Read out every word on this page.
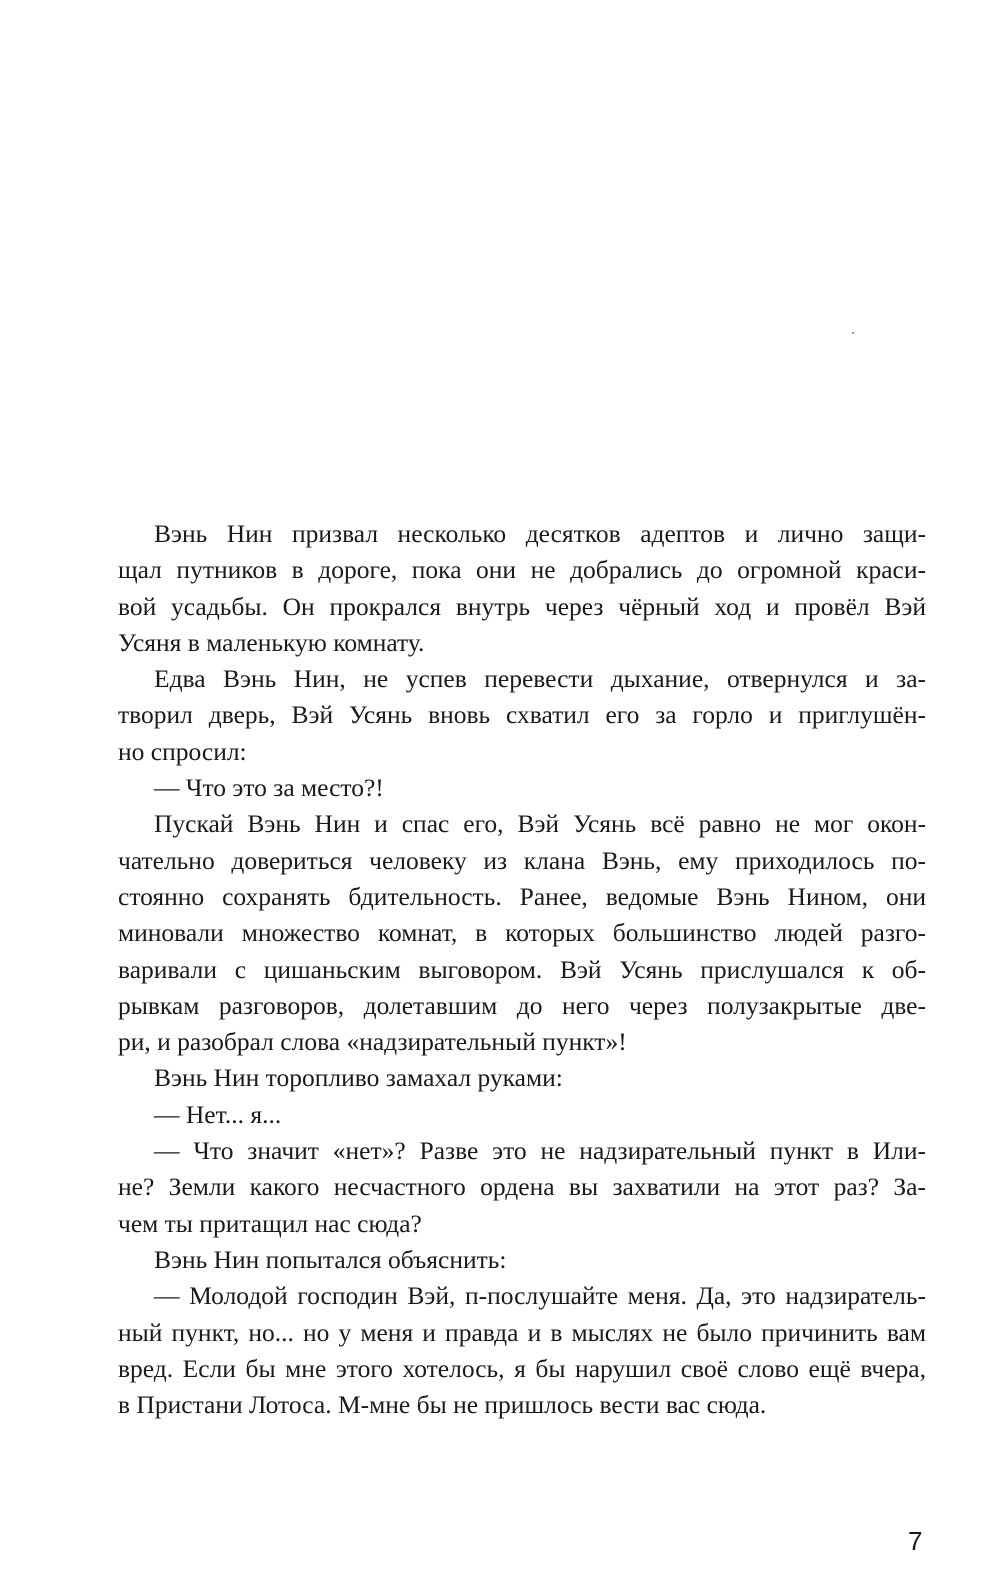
Вэнь Нин призвал несколько десятков адептов и лично защи-
щал путников в дороге, пока они не добрались до огромной краси-
вой усадьбы. Он прокрался внутрь через чёрный ход и провёл Вэй
Усяня в маленькую комнату.
Едва Вэнь Нин, не успев перевести дыхание, отвернулся и за-
творил дверь, Вэй Усянь вновь схватил его за горло и приглушён-
но спросил:
— Что это за место?!
Пускай Вэнь Нин и спас его, Вэй Усянь всё равно не мог окон-
чательно довериться человеку из клана Вэнь, ему приходилось по-
стоянно сохранять бдительность. Ранее, ведомые Вэнь Нином, они
миновали множество комнат, в которых большинство людей разго-
варивали с цишаньским выговором. Вэй Усянь прислушался к об-
рывкам разговоров, долетавшим до него через полузакрытые две-
ри, и разобрал слова «надзирательный пункт»!
Вэнь Нин торопливо замахал руками:
— Нет... я...
— Что значит «нет»? Разве это не надзирательный пункт в Или-
не? Земли какого несчастного ордена вы захватили на этот раз? За-
чем ты притащил нас сюда?
Вэнь Нин попытался объяснить:
— Молодой господин Вэй, п-послушайте меня. Да, это надзиратель-
ный пункт, но... но у меня и правда и в мыслях не было причинить вам
вред. Если бы мне этого хотелось, я бы нарушил своё слово ещё вчера,
в Пристани Лотоса. М-мне бы не пришлось вести вас сюда.
7
